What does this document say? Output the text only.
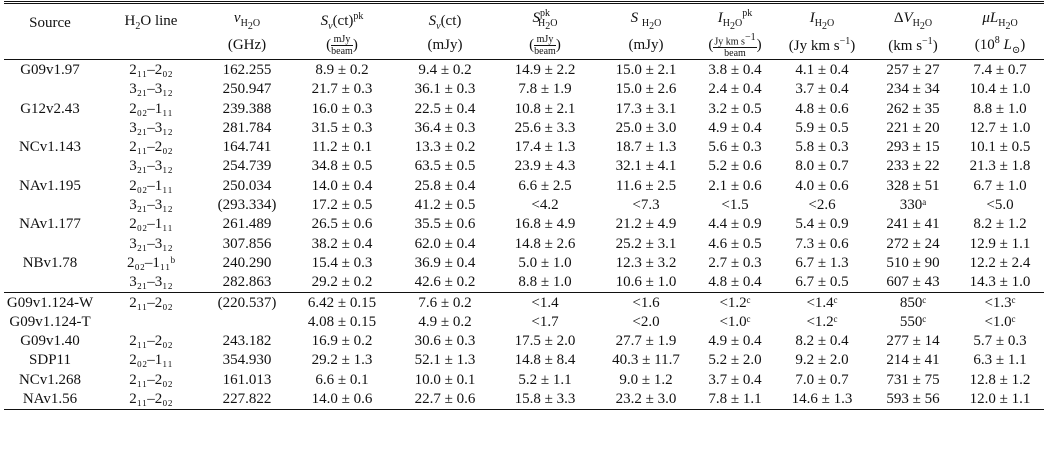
Source	$H_2O$ line	$\nu_{H_2O}$	$S_\nu(ct)^{pk}$	$S_\nu(ct)$	$S^{pk}_{H_2O}$	S $_{H_2O}$	$I_{H_2O}^{pk}$	$I_{H_2O}$	$\Delta V_{H_2O}$	$\mu L_{H_2O}$
		(GHz)	( $\frac{\text{mJy}}{\text{beam}}$ )	(mJy)	( $\frac{\text{mJy}}{\text{beam}}$ )	(mJy)	( $\frac{Jy km s^{-1}}{\text{beam}}$ )	(Jy km $s^{-1}$)	(km $s^{-1}$)	($10^8$ $L_⊙$)
G09v1.97	2₁₁–2₀₂	162.255	8.9 ± 0.2	9.4 ± 0.2	14.9 ± 2.2	15.0 ± 2.1	3.8 ± 0.4	4.1 ± 0.4	257 ± 27	7.4 ± 0.7
	3₂₁–3₁₂	250.947	21.7 ± 0.3	36.1 ± 0.3	7.8 ± 1.9	15.0 ± 2.6	2.4 ± 0.4	3.7 ± 0.4	234 ± 34	10.4 ± 1.0
G12v2.43	2₀₂–1₁₁	239.388	16.0 ± 0.3	22.5 ± 0.4	10.8 ± 2.1	17.3 ± 3.1	3.2 ± 0.5	4.8 ± 0.6	262 ± 35	8.8 ± 1.0
	3₂₁–3₁₂	281.784	31.5 ± 0.3	36.4 ± 0.3	25.6 ± 3.3	25.0 ± 3.0	4.9 ± 0.4	5.9 ± 0.5	221 ± 20	12.7 ± 1.0
NCv1.143	2₁₁–2₀₂	164.741	11.2 ± 0.1	13.3 ± 0.2	17.4 ± 1.3	18.7 ± 1.3	5.6 ± 0.3	5.8 ± 0.3	293 ± 15	10.1 ± 0.5
	3₂₁–3₁₂	254.739	34.8 ± 0.5	63.5 ± 0.5	23.9 ± 4.3	32.1 ± 4.1	5.2 ± 0.6	8.0 ± 0.7	233 ± 22	21.3 ± 1.8
NAv1.195	2₀₂–1₁₁	250.034	14.0 ± 0.4	25.8 ± 0.4	6.6 ± 2.5	11.6 ± 2.5	2.1 ± 0.6	4.0 ± 0.6	328 ± 51	6.7 ± 1.0
	3₂₁–3₁₂	(293.334)	17.2 ± 0.5	41.2 ± 0.5	<4.2	<7.3	<1.5	<2.6	330ᵃ	<5.0
NAv1.177	2₀₂–1₁₁	261.489	26.5 ± 0.6	35.5 ± 0.6	16.8 ± 4.9	21.2 ± 4.9	4.4 ± 0.9	5.4 ± 0.9	241 ± 41	8.2 ± 1.2
	3₂₁–3₁₂	307.856	38.2 ± 0.4	62.0 ± 0.4	14.8 ± 2.6	25.2 ± 3.1	4.6 ± 0.5	7.3 ± 0.6	272 ± 24	12.9 ± 1.1
NBv1.78	2₀₂–1₁₁ᵇ	240.290	15.4 ± 0.3	36.9 ± 0.4	5.0 ± 1.0	12.3 ± 3.2	2.7 ± 0.3	6.7 ± 1.3	510 ± 90	12.2 ± 2.4
	3₂₁–3₁₂	282.863	29.2 ± 0.2	42.6 ± 0.2	8.8 ± 1.0	10.6 ± 1.0	4.8 ± 0.4	6.7 ± 0.5	607 ± 43	14.3 ± 1.0
G09v1.124-W	2₁₁–2₀₂	(220.537)	6.42 ± 0.15	7.6 ± 0.2	<1.4	<1.6	<1.2ᶜ	<1.4ᶜ	850ᶜ	<1.3ᶜ
G09v1.124-T			4.08 ± 0.15	4.9 ± 0.2	<1.7	<2.0	<1.0ᶜ	<1.2ᶜ	550ᶜ	<1.0ᶜ
G09v1.40	2₁₁–2₀₂	243.182	16.9 ± 0.2	30.6 ± 0.3	17.5 ± 2.0	27.7 ± 1.9	4.9 ± 0.4	8.2 ± 0.4	277 ± 14	5.7 ± 0.3
SDP11	2₀₂–1₁₁	354.930	29.2 ± 1.3	52.1 ± 1.3	14.8 ± 8.4	40.3 ± 11.7	5.2 ± 2.0	9.2 ± 2.0	214 ± 41	6.3 ± 1.1
NCv1.268	2₁₁–2₀₂	161.013	6.6 ± 0.1	10.0 ± 0.1	5.2 ± 1.1	9.0 ± 1.2	3.7 ± 0.4	7.0 ± 0.7	731 ± 75	12.8 ± 1.2
NAv1.56	2₁₁–2₀₂	227.822	14.0 ± 0.6	22.7 ± 0.6	15.8 ± 3.3	23.2 ± 3.0	7.8 ± 1.1	14.6 ± 1.3	593 ± 56	12.0 ± 1.1
